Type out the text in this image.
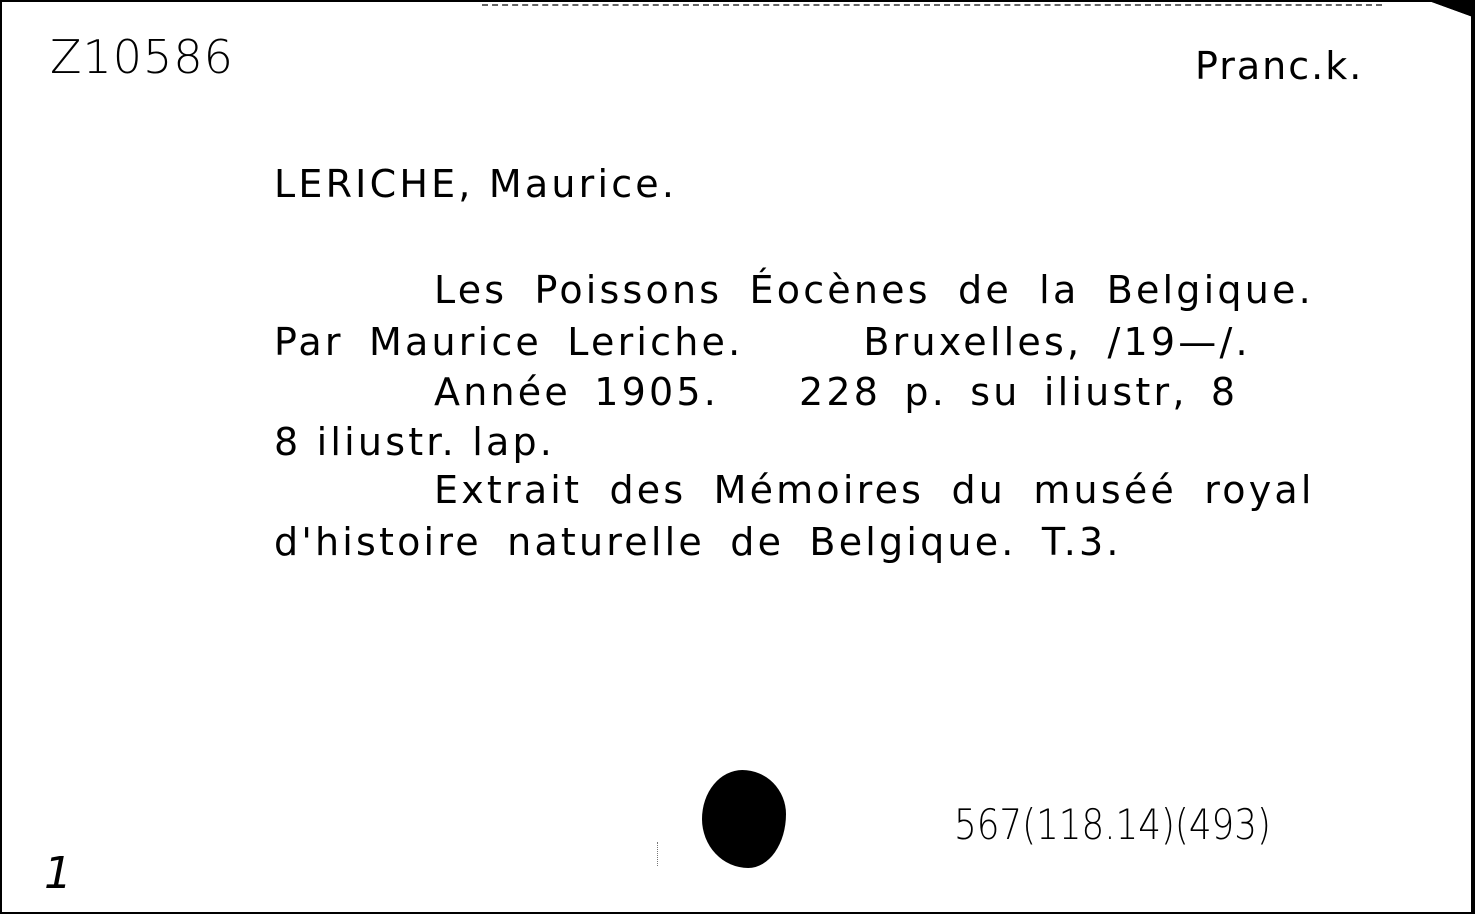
Z10586	Pranc.k.
LERICHE, Maurice.
Les Poissons Éocènes de la Belgique.
Par Maurice Leriche.	Bruxelles, /19—/.
Année 1905. 228 p. su iliustr, 8
8 iliustr. lap.
Extrait des Mémoires du muséé royal
d'histoire naturelle de Belgique. T.3.
567(118.14)(493)
1
